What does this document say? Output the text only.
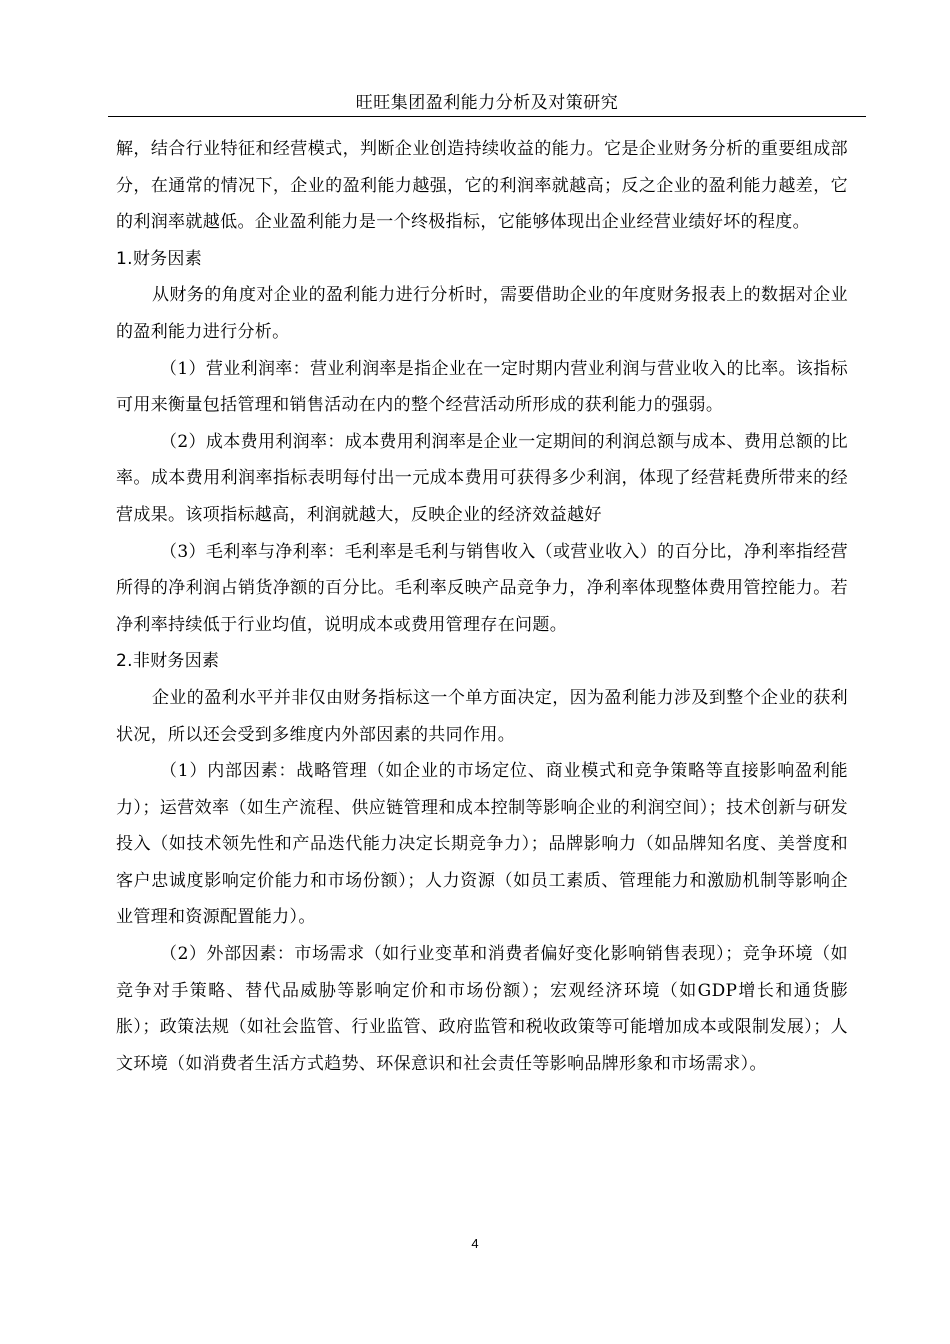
旺旺集团盈利能力分析及对策研究

解，结合行业特征和经营模式，判断企业创造持续收益的能力。它是企业财务分析的重要组成部分，在通常的情况下，企业的盈利能力越强，它的利润率就越高；反之企业的盈利能力越差，它的利润率就越低。企业盈利能力是一个终极指标，它能够体现出企业经营业绩好坏的程度。

1.财务因素

从财务的角度对企业的盈利能力进行分析时，需要借助企业的年度财务报表上的数据对企业的盈利能力进行分析。

（1）营业利润率：营业利润率是指企业在一定时期内营业利润与营业收入的比率。该指标可用来衡量包括管理和销售活动在内的整个经营活动所形成的获利能力的强弱。

（2）成本费用利润率：成本费用利润率是企业一定期间的利润总额与成本、费用总额的比率。成本费用利润率指标表明每付出一元成本费用可获得多少利润，体现了经营耗费所带来的经营成果。该项指标越高，利润就越大，反映企业的经济效益越好

（3）毛利率与净利率：毛利率是毛利与销售收入（或营业收入）的百分比，净利率指经营所得的净利润占销货净额的百分比。毛利率反映产品竞争力，净利率体现整体费用管控能力。若净利率持续低于行业均值，说明成本或费用管理存在问题。

2.非财务因素

企业的盈利水平并非仅由财务指标这一个单方面决定，因为盈利能力涉及到整个企业的获利状况，所以还会受到多维度内外部因素的共同作用。

（1）内部因素：战略管理（如企业的市场定位、商业模式和竞争策略等直接影响盈利能力）；运营效率（如生产流程、供应链管理和成本控制等影响企业的利润空间）；技术创新与研发投入（如技术领先性和产品迭代能力决定长期竞争力）；品牌影响力（如品牌知名度、美誉度和客户忠诚度影响定价能力和市场份额）；人力资源（如员工素质、管理能力和激励机制等影响企业管理和资源配置能力）。

（2）外部因素：市场需求（如行业变革和消费者偏好变化影响销售表现）；竞争环境（如竞争对手策略、替代品威胁等影响定价和市场份额）；宏观经济环境（如GDP增长和通货膨胀）；政策法规（如社会监管、行业监管、政府监管和税收政策等可能增加成本或限制发展）；人文环境（如消费者生活方式趋势、环保意识和社会责任等影响品牌形象和市场需求）。

4
